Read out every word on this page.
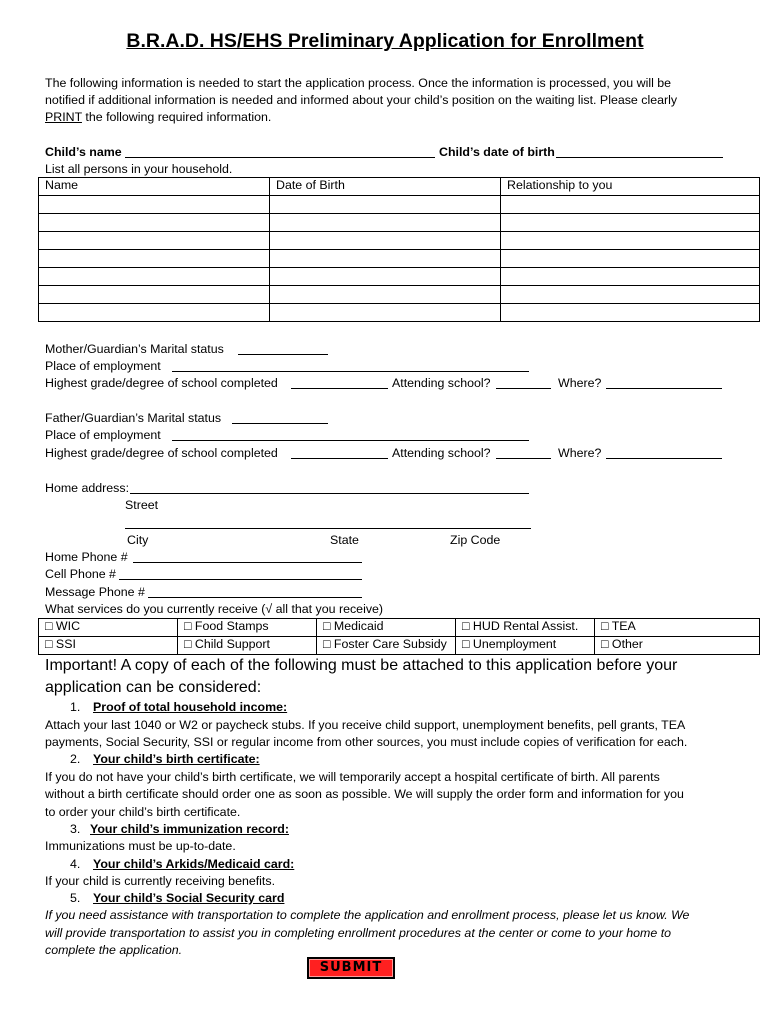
B.R.A.D. HS/EHS Preliminary Application for Enrollment
The following information is needed to start the application process. Once the information is processed, you will be
notified if additional information is needed and informed about your child’s position on the waiting list. Please clearly
PRINT the following required information.
Child’s name	Child’s date of birth
List all persons in your household.
Name	Date of Birth	Relationship to you

Mother/Guardian’s Marital status
Place of employment
Highest grade/degree of school completed	Attending school?	Where?
Father/Guardian’s Marital status
Place of employment
Highest grade/degree of school completed	Attending school?	Where?
Home address:
Street
City	State	Zip Code
Home Phone #
Cell Phone #
Message Phone #
What services do you currently receive (√ all that you receive)
□ WIC	□ Food Stamps	□ Medicaid	□ HUD Rental Assist.	□ TEA
□ SSI	□ Child Support	□ Foster Care Subsidy	□ Unemployment	□ Other
Important! A copy of each of the following must be attached to this application before your
application can be considered:
1. Proof of total household income:
Attach your last 1040 or W2 or paycheck stubs. If you receive child support, unemployment benefits, pell grants, TEA
payments, Social Security, SSI or regular income from other sources, you must include copies of verification for each.
2. Your child’s birth certificate:
If you do not have your child’s birth certificate, we will temporarily accept a hospital certificate of birth. All parents
without a birth certificate should order one as soon as possible. We will supply the order form and information for you
to order your child’s birth certificate.
3. Your child’s immunization record:
Immunizations must be up-to-date.
4. Your child’s Arkids/Medicaid card:
If your child is currently receiving benefits.
5. Your child’s Social Security card
If you need assistance with transportation to complete the application and enrollment process, please let us know. We
will provide transportation to assist you in completing enrollment procedures at the center or come to your home to
complete the application.
SUBMIT
